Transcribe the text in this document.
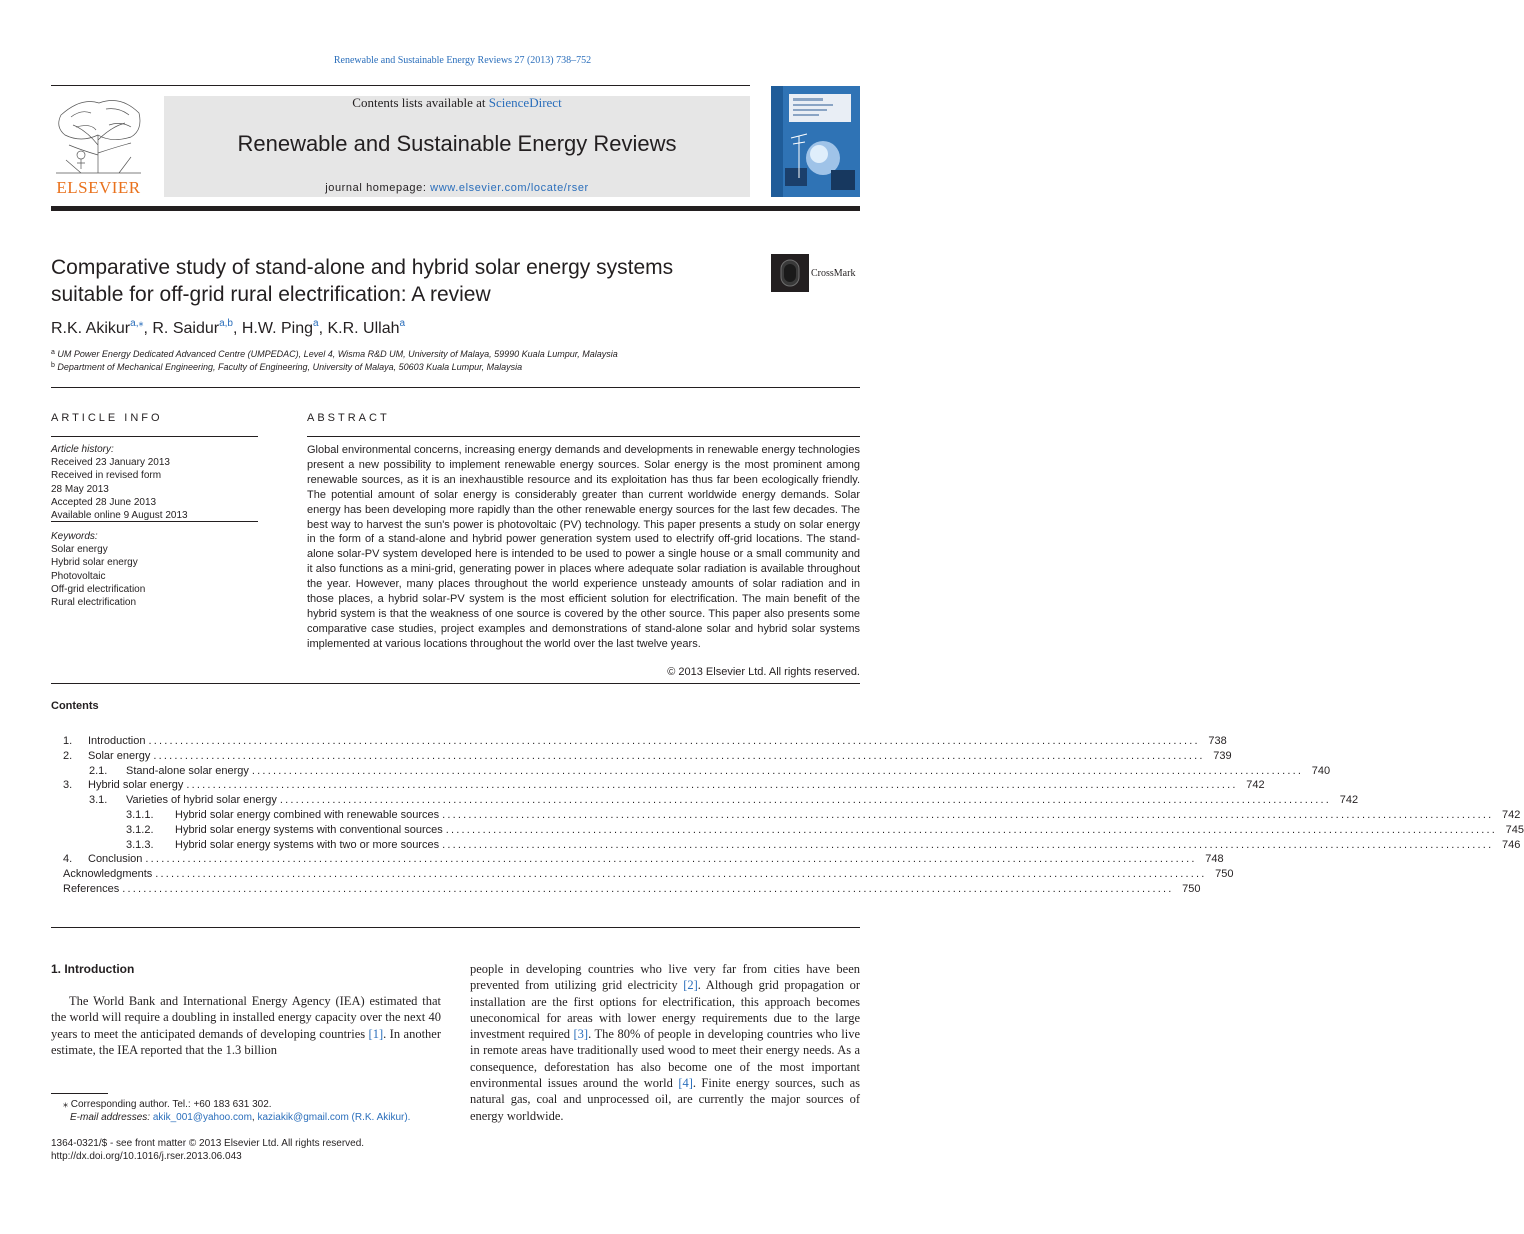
Renewable and Sustainable Energy Reviews 27 (2013) 738–752
ELSEVIER
Contents lists available at ScienceDirect
Renewable and Sustainable Energy Reviews
journal homepage: www.elsevier.com/locate/rser
Comparative study of stand-alone and hybrid solar energy systems
suitable for off-grid rural electrification: A review
CrossMark
R.K. Akikur$^{a,⁎}$, R. Saidur$^{a,b}$, H.W. Ping$^a$, K.R. Ullah$^a$
$^a$ UM Power Energy Dedicated Advanced Centre (UMPEDAC), Level 4, Wisma R&D UM, University of Malaya, 59990 Kuala Lumpur, Malaysia
$^b$ Department of Mechanical Engineering, Faculty of Engineering, University of Malaya, 50603 Kuala Lumpur, Malaysia
ARTICLE INFO
Article history:
Received 23 January 2013
Received in revised form
28 May 2013
Accepted 28 June 2013
Available online 9 August 2013
Keywords:
Solar energy
Hybrid solar energy
Photovoltaic
Off-grid electrification
Rural electrification
ABSTRACT
Global environmental concerns, increasing energy demands and developments in renewable energy technologies present a new possibility to implement renewable energy sources. Solar energy is the most prominent among renewable sources, as it is an inexhaustible resource and its exploitation has thus far been ecologically friendly. The potential amount of solar energy is considerably greater than current worldwide energy demands. Solar energy has been developing more rapidly than the other renewable energy sources for the last few decades. The best way to harvest the sun's power is photovoltaic (PV) technology. This paper presents a study on solar energy in the form of a stand-alone and hybrid power generation system used to electrify off-grid locations. The stand-alone solar-PV system developed here is intended to be used to power a single house or a small community and it also functions as a mini-grid, generating power in places where adequate solar radiation is available throughout the year. However, many places throughout the world experience unsteady amounts of solar radiation and in those places, a hybrid solar-PV system is the most efficient solution for electrification. The main benefit of the hybrid system is that the weakness of one source is covered by the other source. This paper also presents some comparative case studies, project examples and demonstrations of stand-alone solar and hybrid solar systems implemented at various locations throughout the world over the last twelve years.
© 2013 Elsevier Ltd. All rights reserved.
Contents
1.	Introduction ........................................................................................................................................................................................................ 738
2.	Solar energy ........................................................................................................................................................................................................ 739
2.1.	Stand-alone solar energy ........................................................................................................................................................................................................ 740
3.	Hybrid solar energy ........................................................................................................................................................................................................ 742
3.1.	Varieties of hybrid solar energy ........................................................................................................................................................................................................ 742
3.1.1.	Hybrid solar energy combined with renewable sources ........................................................................................................................................................................................................ 742
3.1.2.	Hybrid solar energy systems with conventional sources ........................................................................................................................................................................................................ 745
3.1.3.	Hybrid solar energy systems with two or more sources ........................................................................................................................................................................................................ 746
4.	Conclusion ........................................................................................................................................................................................................ 748
Acknowledgments ........................................................................................................................................................................................................ 750
References ........................................................................................................................................................................................................ 750
1. Introduction
The World Bank and International Energy Agency (IEA) estimated that the world will require a doubling in installed energy capacity over the next 40 years to meet the anticipated demands of developing countries [1]. In another estimate, the IEA reported that the 1.3 billion
people in developing countries who live very far from cities have been prevented from utilizing grid electricity [2]. Although grid propagation or installation are the first options for electrification, this approach becomes uneconomical for areas with lower energy requirements due to the large investment required [3]. The 80% of people in developing countries who live in remote areas have traditionally used wood to meet their energy needs. As a consequence, deforestation has also become one of the most important environmental issues around the world [4]. Finite energy sources, such as natural gas, coal and unprocessed oil, are currently the major sources of energy worldwide.
⁎ Corresponding author. Tel.: +60 183 631 302.
E-mail addresses: akik_001@yahoo.com, kaziakik@gmail.com (R.K. Akikur).
1364-0321/$ - see front matter © 2013 Elsevier Ltd. All rights reserved.
http://dx.doi.org/10.1016/j.rser.2013.06.043
